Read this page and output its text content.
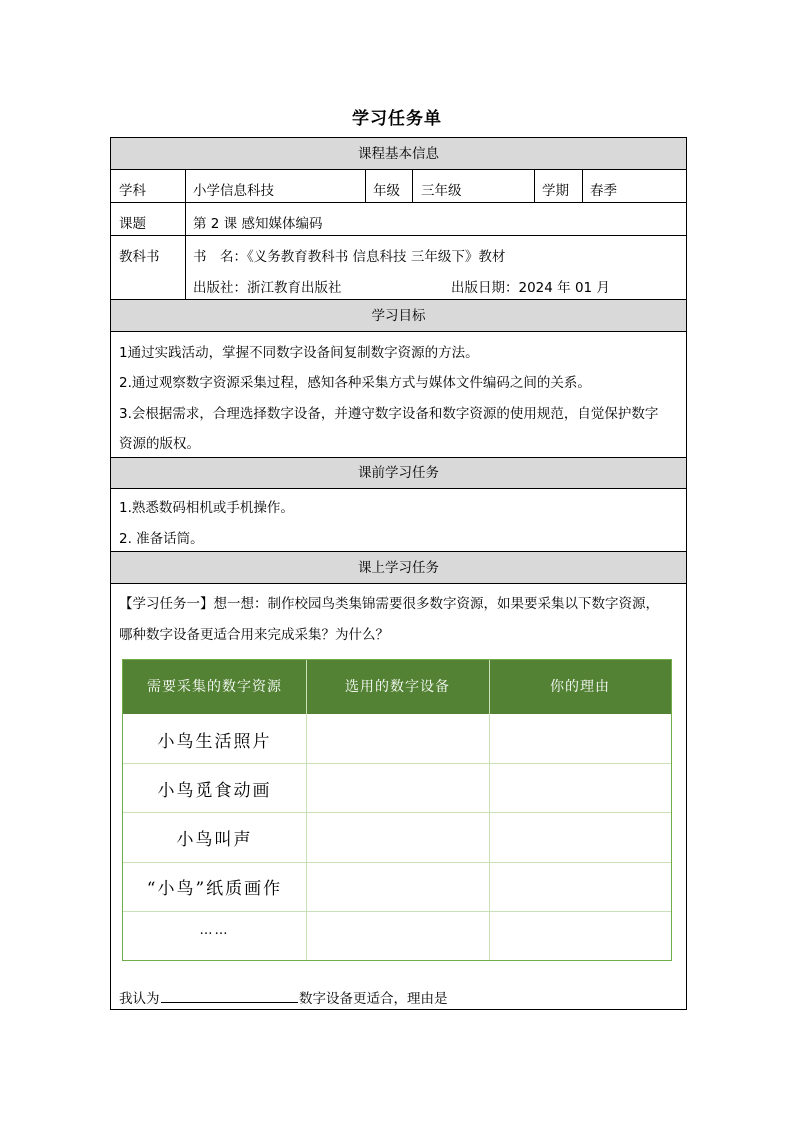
学习任务单
课程基本信息
学科	小学信息科技	年级 三年级	学期 春季
课题	第 2 课 感知媒体编码
教科书 书　名：《义务教育教科书 信息科技 三年级下》教材
出版社：浙江教育出版社	出版日期：2024 年 01 月
学习目标
1通过实践活动，掌握不同数字设备间复制数字资源的方法。
2.通过观察数字资源采集过程，感知各种采集方式与媒体文件编码之间的关系。
3.会根据需求，合理选择数字设备，并遵守数字设备和数字资源的使用规范，自觉保护数字
资源的版权。
课前学习任务
1.熟悉数码相机或手机操作。
2. 准备话筒。
课上学习任务
【学习任务一】想一想：制作校园鸟类集锦需要很多数字资源，如果要采集以下数字资源，
哪种数字设备更适合用来完成采集？为什么？
我认为	数字设备更适合，理由是
需要采集的数字资源	选用的数字设备	你的理由
小鸟生活照片
小鸟觅食动画
小鸟叫声
“小鸟”纸质画作
……
